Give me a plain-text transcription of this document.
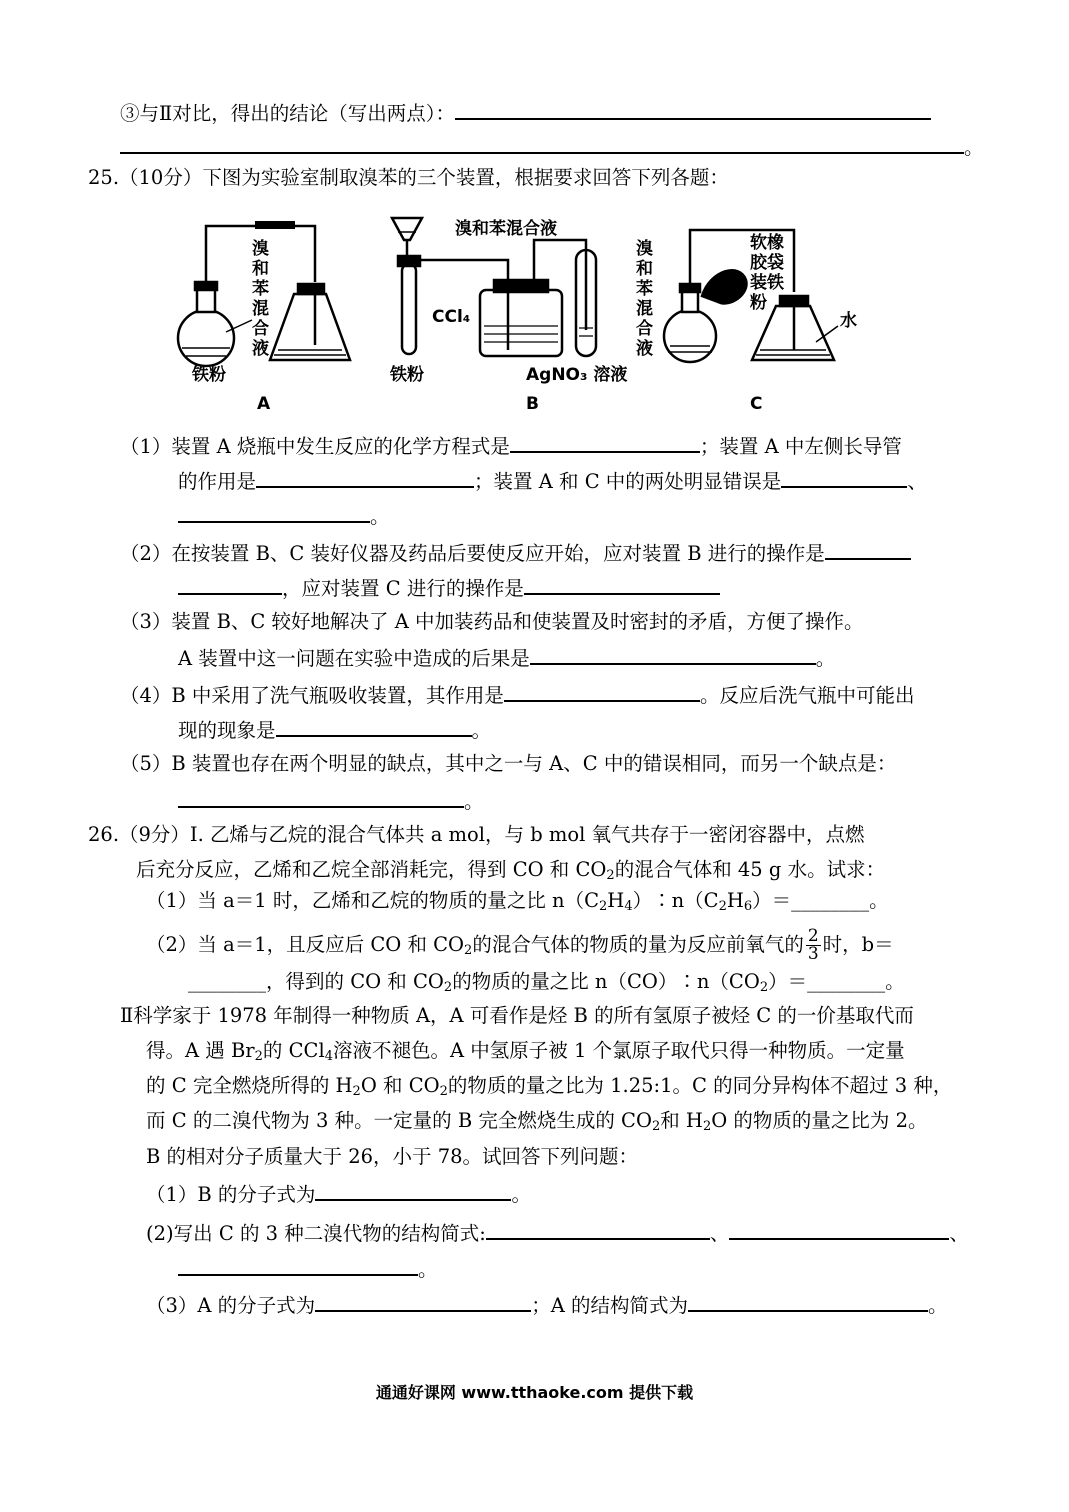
③与Ⅱ对比，得出的结论（写出两点）：
。
25.（10分）下图为实验室制取溴苯的三个装置，根据要求回答下列各题：
溴
和
苯
混
合
液
铁粉
A
溴和苯混合液
CCl₄
铁粉	AgNO₃ 溶液
B
溴
和
苯
混
合
液
软橡
胶袋
装铁
粉
水
C
（1）装置 A 烧瓶中发生反应的化学方程式是	；装置 A 中左侧长导管
的作用是	；装置 A 和 C 中的两处明显错误是	、
。
（2）在按装置 B、C 装好仪器及药品后要使反应开始，应对装置 B 进行的操作是
，应对装置 C 进行的操作是
（3）装置 B、C 较好地解决了 A 中加装药品和使装置及时密封的矛盾，方便了操作。
A 装置中这一问题在实验中造成的后果是	。
（4）B 中采用了洗气瓶吸收装置，其作用是	。反应后洗气瓶中可能出
现的现象是	。
（5）B 装置也存在两个明显的缺点，其中之一与 A、C 中的错误相同，而另一个缺点是：
。
26.（9分）Ⅰ. 乙烯与乙烷的混合气体共 a mol，与 b mol 氧气共存于一密闭容器中，点燃
后充分反应，乙烯和乙烷全部消耗完，得到 CO 和 $CO_2$的混合气体和 45 g 水。试求：
（1）当 a＝1 时，乙烯和乙烷的物质的量之比 $n(C_2H_4)∶n(C_2H_6)=\_\_\_\_\_\_\_\_$。
（2）当 a＝1，且反应后 CO 和 $CO_2$的混合气体的物质的量为反应前氧气的 $\frac{2}{3}$ 时，b＝
________，得到的 CO 和 $CO_2$的物质的量之比 $n(CO)∶n(CO_2)=\_\_\_\_\_\_\_\_$。
Ⅱ科学家于 1978 年制得一种物质 A，A 可看作是烃 B 的所有氢原子被烃 C 的一价基取代而
得。A 遇 $Br_2$的 CCl$_4$溶液不褪色。A 中氢原子被 1 个氯原子取代只得一种物质。一定量
的 C 完全燃烧所得的 $H_2O$ 和 $CO_2$的物质的量之比为 1.25:1。C 的同分异构体不超过 3 种，
而 C 的二溴代物为 3 种。一定量的 B 完全燃烧生成的 $CO_2$和 $H_2O$ 的物质的量之比为 2。
B 的相对分子质量大于 26，小于 78。试回答下列问题：
（1）B 的分子式为	。
(2)写出 C 的 3 种二溴代物的结构简式:	、	、
。
（3）A 的分子式为	；A 的结构简式为	。
通通好课网 www.tthaoke.com 提供下载
